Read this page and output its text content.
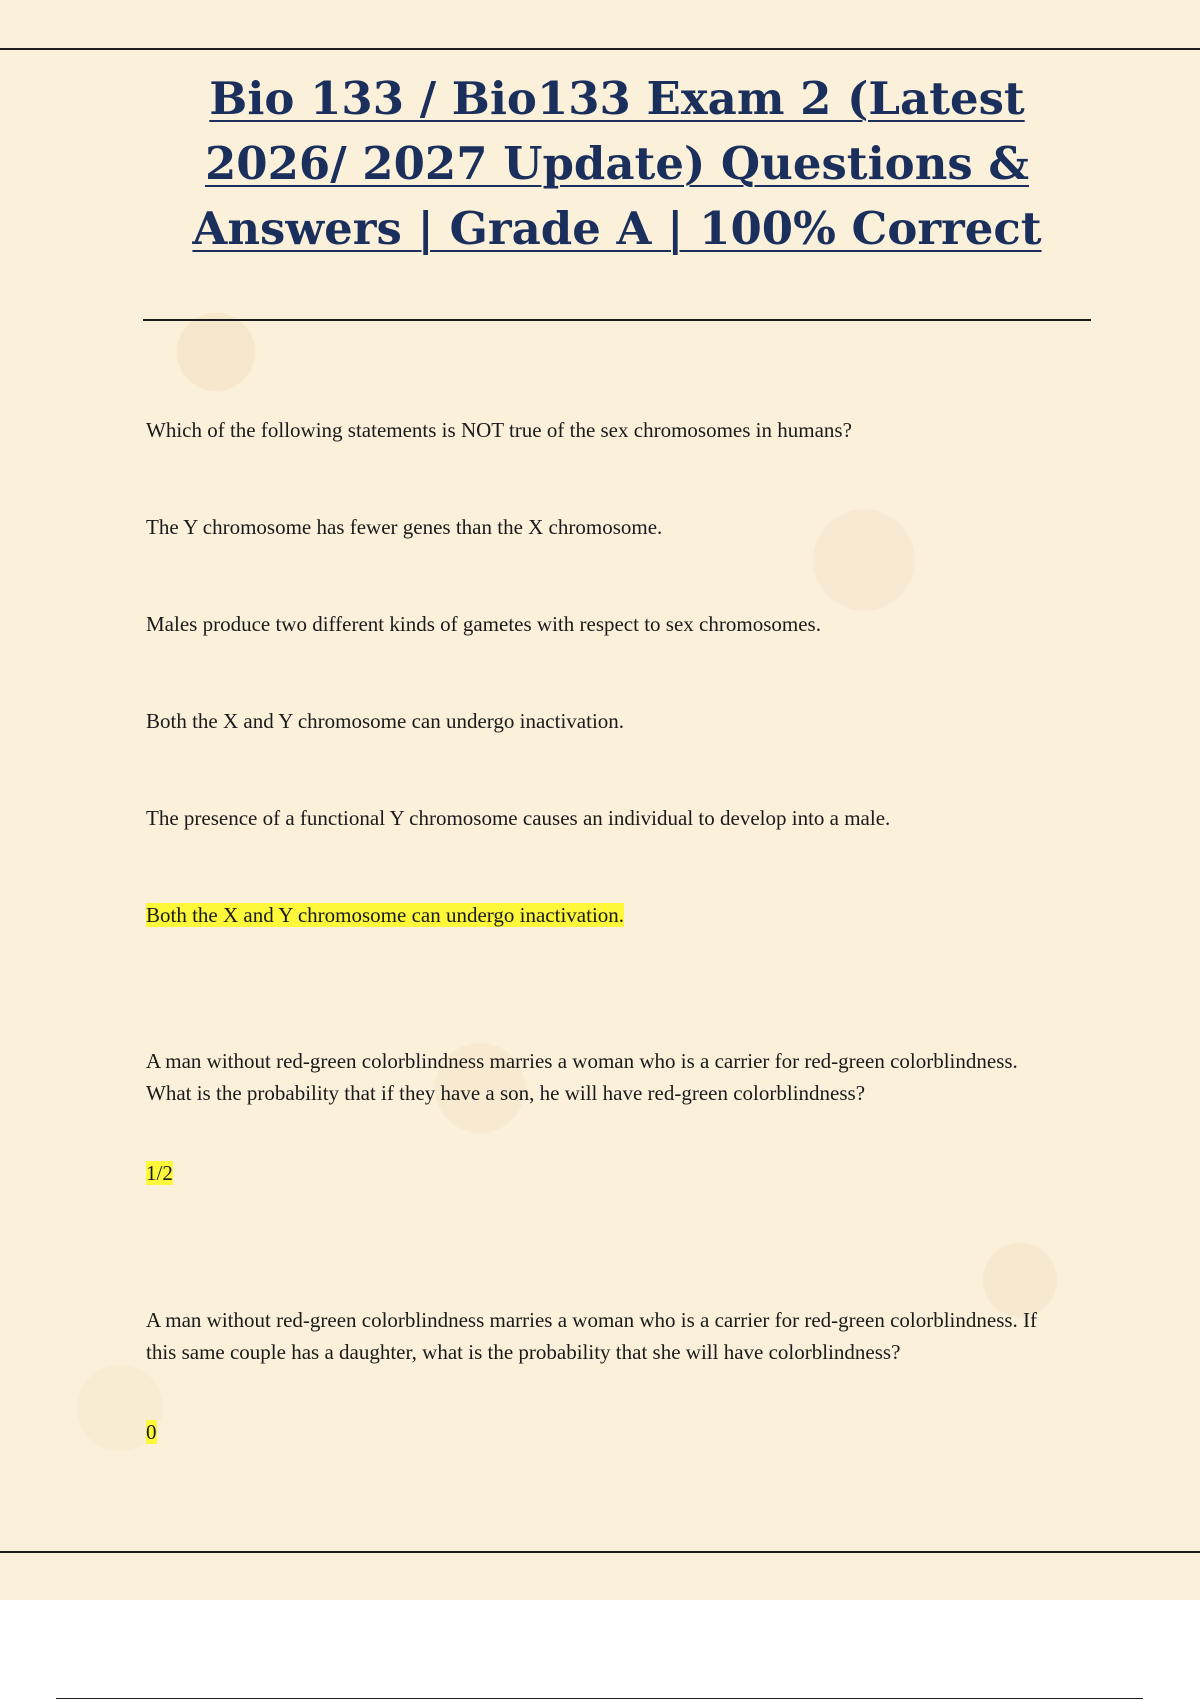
Bio 133 / Bio133 Exam 2 (Latest 2026/ 2027 Update) Questions & Answers | Grade A | 100% Correct

Which of the following statements is NOT true of the sex chromosomes in humans?

The Y chromosome has fewer genes than the X chromosome.

Males produce two different kinds of gametes with respect to sex chromosomes.

Both the X and Y chromosome can undergo inactivation.

The presence of a functional Y chromosome causes an individual to develop into a male.

Both the X and Y chromosome can undergo inactivation.

A man without red-green colorblindness marries a woman who is a carrier for red-green colorblindness. What is the probability that if they have a son, he will have red-green colorblindness?

1/2

A man without red-green colorblindness marries a woman who is a carrier for red-green colorblindness. If this same couple has a daughter, what is the probability that she will have colorblindness?

0
